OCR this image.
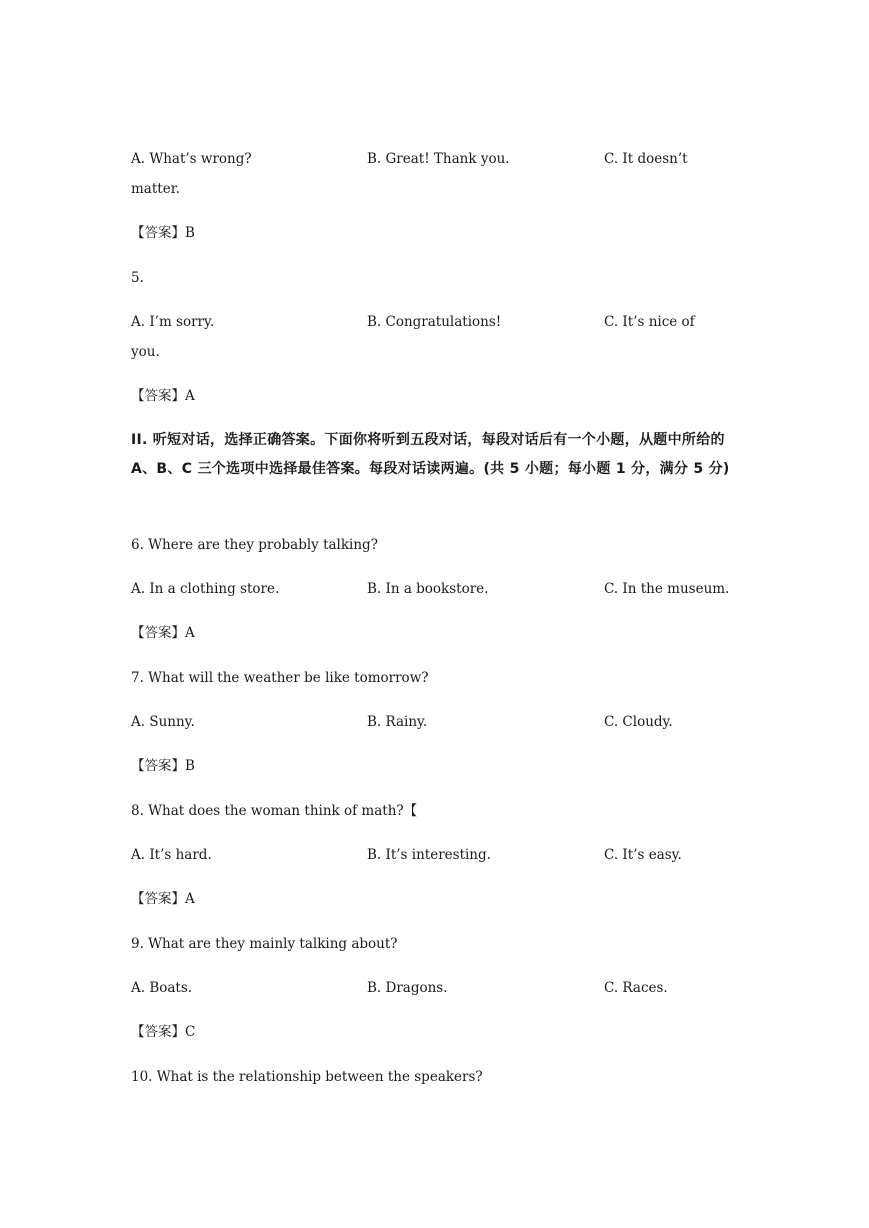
A. What’s wrong?	B. Great! Thank you.	C. It doesn’t
matter.
【答案】B
5.
A. I’m sorry.	B. Congratulations!	C. It’s nice of
you.
【答案】A
II. 听短对话，选择正确答案。下面你将听到五段对话，每段对话后有一个小题，从题中所给的 A、B、C 三个选项中选择最佳答案。每段对话读两遍。(共 5 小题；每小题 1 分，满分 5 分)
6. Where are they probably talking?
A. In a clothing store.	B. In a bookstore.	C. In the museum.
【答案】A
7. What will the weather be like tomorrow?
A. Sunny.	B. Rainy.	C. Cloudy.
【答案】B
8. What does the woman think of math?【
A. It’s hard.	B. It’s interesting.	C. It’s easy.
【答案】A
9. What are they mainly talking about?
A. Boats.	B. Dragons.	C. Races.
【答案】C
10. What is the relationship between the speakers?
